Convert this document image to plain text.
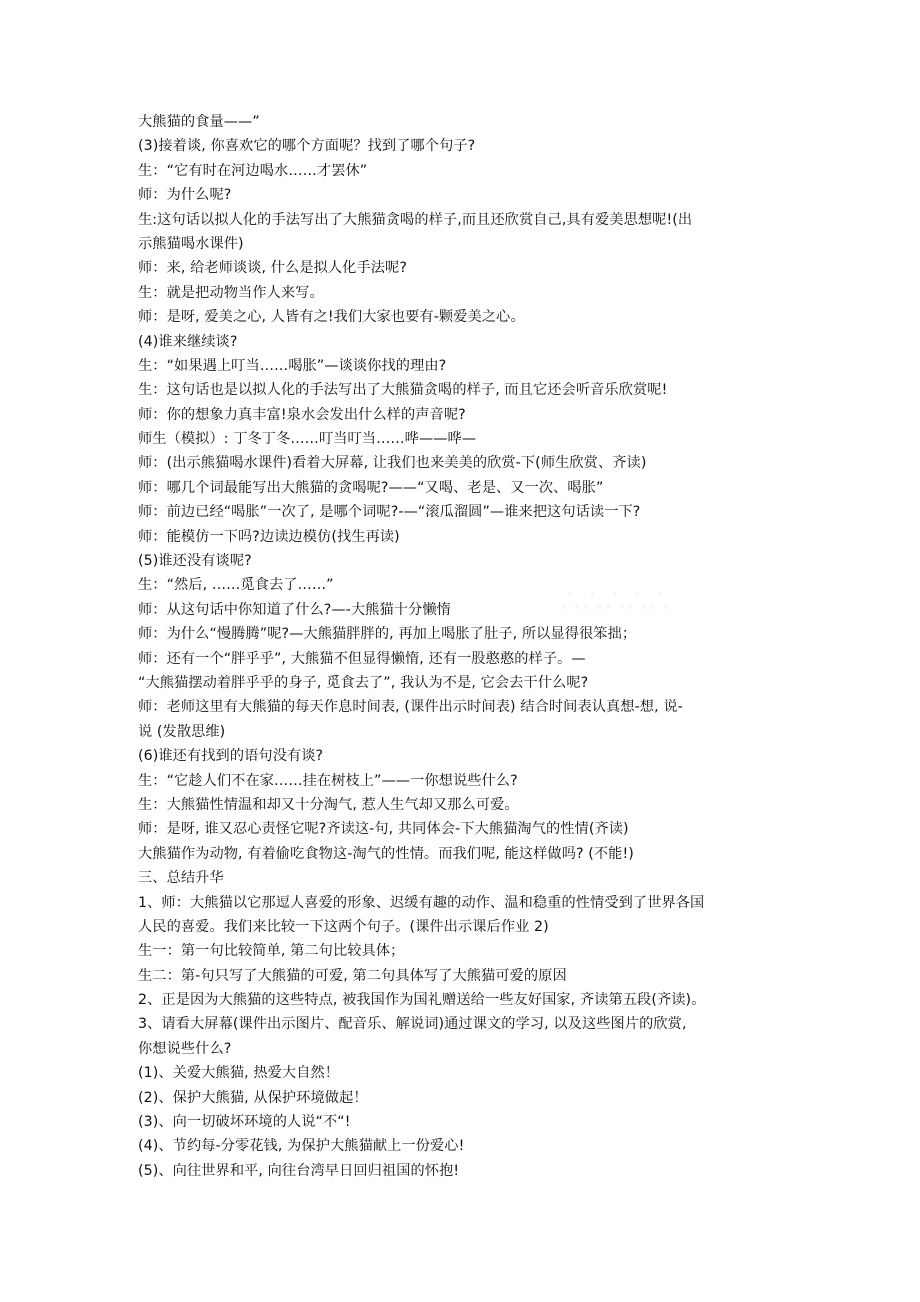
大熊猫的食量——”
(3)接着谈, 你喜欢它的哪个方面呢？找到了哪个句子?
生：“它有时在河边喝水……才罢休”
师：为什么呢?
生:这句话以拟人化的手法写出了大熊猫贪喝的样子,而且还欣赏自己,具有爱美思想呢!(出
示熊猫喝水课件)
师：来, 给老师谈谈, 什么是拟人化手法呢?
生：就是把动物当作人来写。
师：是呀, 爱美之心, 人皆有之!我们大家也要有-颗爱美之心。
(4)谁来继续谈?
生：“如果遇上叮当……喝胀”—谈谈你找的理由?
生：这句话也是以拟人化的手法写出了大熊猫贪喝的样子, 而且它还会听音乐欣赏呢!
师：你的想象力真丰富!泉水会发出什么样的声音呢?
师生（模拟）: 丁冬丁冬……叮当叮当……哗——哗—
师：(出示熊猫喝水课件)看着大屏幕, 让我们也来美美的欣赏-下(师生欣赏、齐读)
师：哪几个词最能写出大熊猫的贪喝呢?——“又喝、老是、又一次、喝胀”
师：前边已经“喝胀”一次了, 是哪个词呢?-—“滚瓜溜圆”—谁来把这句话读一下?
师：能模仿一下吗?边读边模仿(找生再读)
(5)谁还没有谈呢?
生：“然后, ……觅食去了……”
师：从这句话中你知道了什么?—-大熊猫十分懒惰
师：为什么“慢腾腾”呢?—大熊猫胖胖的, 再加上喝胀了肚子, 所以显得很笨拙；
师：还有一个“胖乎乎”, 大熊猫不但显得懒惰, 还有一股憨憨的样子。—
“大熊猫摆动着胖乎乎的身子, 觅食去了”, 我认为不是, 它会去干什么呢?
师：老师这里有大熊猫的每天作息时间表, (课件出示时间表) 结合时间表认真想-想, 说-
说 (发散思维)
(6)谁还有找到的语句没有谈?
生：“它趁人们不在家……挂在树枝上”——一你想说些什么?
生：大熊猫性情温和却又十分淘气, 惹人生气却又那么可爱。
师：是呀, 谁又忍心责怪它呢?齐读这-句, 共同体会-下大熊猫淘气的性情(齐读)
大熊猫作为动物, 有着偷吃食物这-淘气的性情。而我们呢, 能这样做吗? (不能!)
三、总结升华
1、师：大熊猫以它那逗人喜爱的形象、迟缓有趣的动作、温和稳重的性情受到了世界各国
人民的喜爱。我们来比较一下这两个句子。(课件出示课后作业 2)
生一：第一句比较简单, 第二句比较具体；
生二：第-句只写了大熊猫的可爱, 第二句具体写了大熊猫可爱的原因
2、正是因为大熊猫的这些特点, 被我国作为国礼赠送给一些友好国家, 齐读第五段(齐读)。
3、请看大屏幕(课件出示图片、配音乐、解说词)通过课文的学习, 以及这些图片的欣赏,
你想说些什么?
(1)、关爱大熊猫, 热爱大自然！
(2)、保护大熊猫, 从保护环境做起！
(3)、向一切破坏环境的人说“不“!
(4)、节约每-分零花钱, 为保护大熊猫献上一份爱心!
(5)、向往世界和平, 向往台湾早日回归祖国的怀抱!
